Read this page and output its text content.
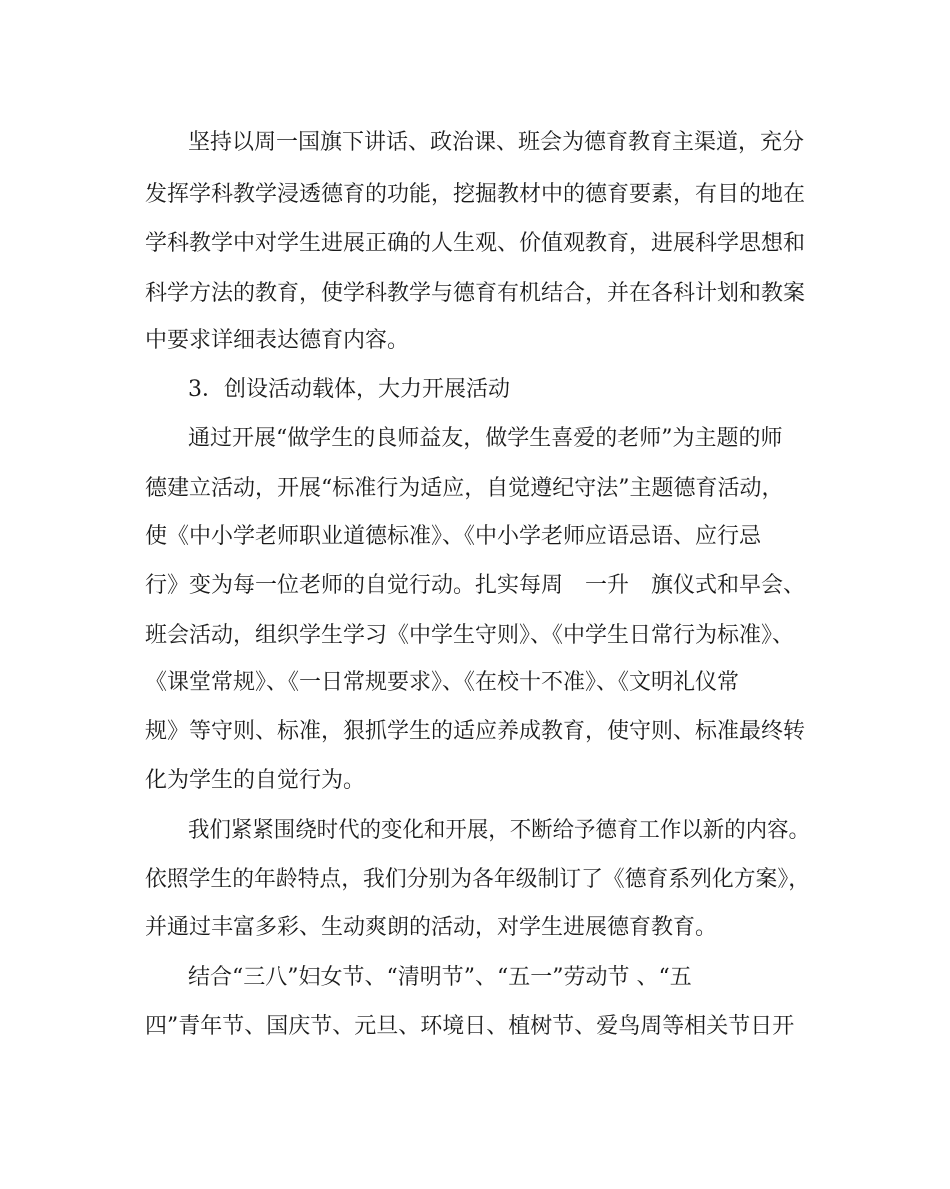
坚持以周一国旗下讲话、政治课、班会为德育教育主渠道，充分
发挥学科教学浸透德育的功能，挖掘教材中的德育要素，有目的地在
学科教学中对学生进展正确的人生观、价值观教育，进展科学思想和
科学方法的教育，使学科教学与德育有机结合，并在各科计划和教案
中要求详细表达德育内容。
3．创设活动载体，大力开展活动
通过开展“做学生的良师益友，做学生喜爱的老师”为主题的师
德建立活动，开展“标准行为适应，自觉遵纪守法”主题德育活动，
使《中小学老师职业道德标准》、《中小学老师应语忌语、应行忌
行》变为每一位老师的自觉行动。扎实每周　一升　旗仪式和早会、
班会活动，组织学生学习《中学生守则》、《中学生日常行为标准》、
《课堂常规》、《一日常规要求》、《在校十不准》、《文明礼仪常
规》等守则、标准，狠抓学生的适应养成教育，使守则、标准最终转
化为学生的自觉行为。
我们紧紧围绕时代的变化和开展，不断给予德育工作以新的内容。
依照学生的年龄特点，我们分别为各年级制订了《德育系列化方案》，
并通过丰富多彩、生动爽朗的活动，对学生进展德育教育。
结合“三八”妇女节、“清明节”、“五一”劳动节 、“五
四”青年节、国庆节、元旦、环境日、植树节、爱鸟周等相关节日开
